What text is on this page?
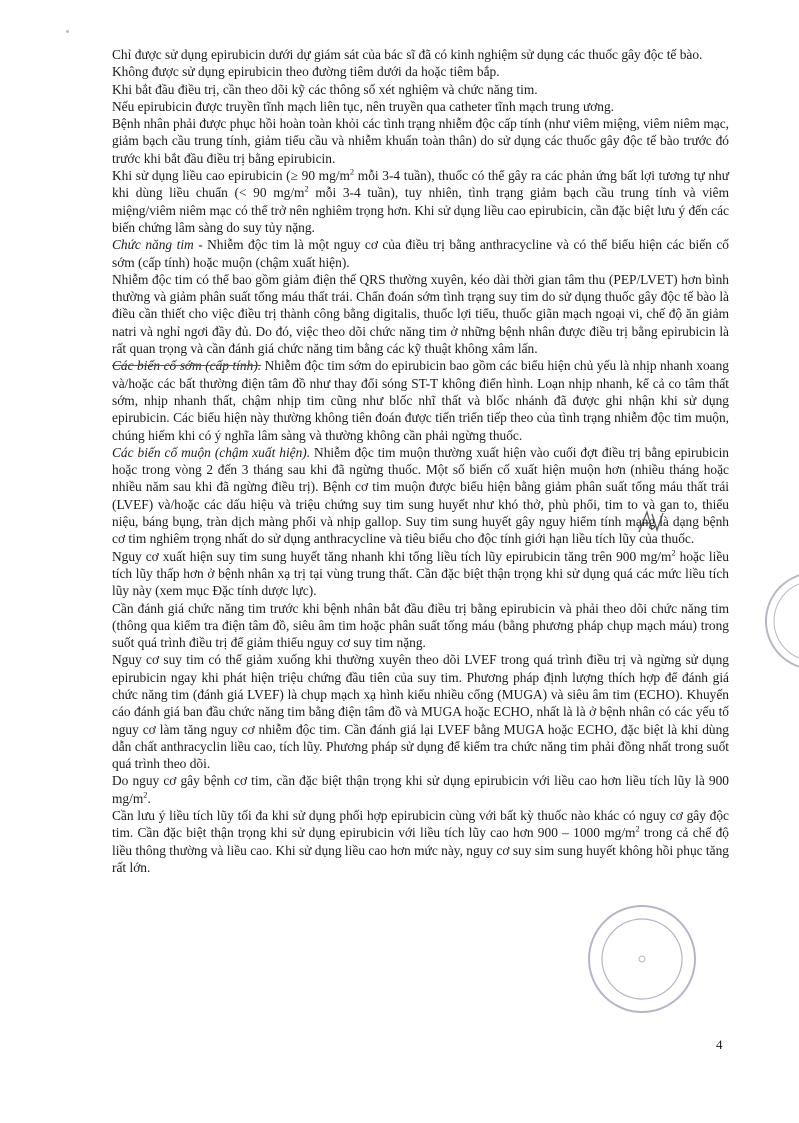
Chỉ được sử dụng epirubicin dưới dự giám sát của bác sĩ đã có kinh nghiệm sử dụng các thuốc gây độc tế bào.

Không được sử dụng epirubicin theo đường tiêm dưới da hoặc tiêm bắp.

Khi bắt đầu điều trị, cần theo dõi kỹ các thông số xét nghiệm và chức năng tim.

Nếu epirubicin được truyền tĩnh mạch liên tục, nên truyền qua catheter tĩnh mạch trung ương.

Bệnh nhân phải được phục hồi hoàn toàn khỏi các tình trạng nhiễm độc cấp tính (như viêm miệng, viêm niêm mạc, giảm bạch cầu trung tính, giảm tiểu cầu và nhiễm khuẩn toàn thân) do sử dụng các thuốc gây độc tế bào trước đó trước khi bắt đầu điều trị bằng epirubicin.

Khi sử dụng liều cao epirubicin (≥ 90 $mg/m^2$ mỗi 3-4 tuần), thuốc có thể gây ra các phản ứng bất lợi tương tự như khi dùng liều chuẩn (< 90 $mg/m^2$ mỗi 3-4 tuần), tuy nhiên, tình trạng giảm bạch cầu trung tính và viêm miệng/viêm niêm mạc có thể trở nên nghiêm trọng hơn. Khi sử dụng liều cao epirubicin, cần đặc biệt lưu ý đến các biến chứng lâm sàng do suy tủy nặng.

Chức năng tim - Nhiễm độc tim là một nguy cơ của điều trị bằng anthracycline và có thể biểu hiện các biến cố sớm (cấp tính) hoặc muộn (chậm xuất hiện).

Nhiễm độc tim có thể bao gồm giảm điện thế QRS thường xuyên, kéo dài thời gian tâm thu (PEP/LVET) hơn bình thường và giảm phân suất tống máu thất trái. Chẩn đoán sớm tình trạng suy tim do sử dụng thuốc gây độc tế bào là điều cần thiết cho việc điều trị thành công bằng digitalis, thuốc lợi tiểu, thuốc giãn mạch ngoại vi, chế độ ăn giảm natri và nghỉ ngơi đầy đủ. Do đó, việc theo dõi chức năng tim ở những bệnh nhân được điều trị bằng epirubicin là rất quan trọng và cần đánh giá chức năng tim bằng các kỹ thuật không xâm lấn.

Các biến cố sớm (cấp tính). Nhiễm độc tim sớm do epirubicin bao gồm các biểu hiện chủ yếu là nhịp nhanh xoang và/hoặc các bất thường điện tâm đồ như thay đổi sóng ST-T không điển hình. Loạn nhịp nhanh, kể cả co tâm thất sớm, nhịp nhanh thất, chậm nhịp tim cũng như blốc nhĩ thất và blốc nhánh đã được ghi nhận khi sử dụng epirubicin. Các biểu hiện này thường không tiên đoán được tiến triển tiếp theo của tình trạng nhiễm độc tim muộn, chúng hiếm khi có ý nghĩa lâm sàng và thường không cần phải ngừng thuốc.

Các biến cố muộn (chậm xuất hiện). Nhiễm độc tim muộn thường xuất hiện vào cuối đợt điều trị bằng epirubicin hoặc trong vòng 2 đến 3 tháng sau khi đã ngừng thuốc. Một số biến cố xuất hiện muộn hơn (nhiều tháng hoặc nhiều năm sau khi đã ngừng điều trị). Bệnh cơ tim muộn được biểu hiện bằng giảm phân suất tống máu thất trái (LVEF) và/hoặc các dấu hiệu và triệu chứng suy tim sung huyết như khó thở, phù phổi, tim to và gan to, thiểu niệu, báng bụng, tràn dịch màng phổi và nhịp gallop. Suy tim sung huyết gây nguy hiểm tính mạng là dạng bệnh cơ tim nghiêm trọng nhất do sử dụng anthracycline và tiêu biểu cho độc tính giới hạn liều tích lũy của thuốc.

Nguy cơ xuất hiện suy tim sung huyết tăng nhanh khi tổng liều tích lũy epirubicin tăng trên 900 $mg/m^2$ hoặc liều tích lũy thấp hơn ở bệnh nhân xạ trị tại vùng trung thất. Cần đặc biệt thận trọng khi sử dụng quá các mức liều tích lũy này (xem mục Đặc tính dược lực).

Cần đánh giá chức năng tim trước khi bệnh nhân bắt đầu điều trị bằng epirubicin và phải theo dõi chức năng tim (thông qua kiểm tra điện tâm đồ, siêu âm tim hoặc phân suất tống máu (bằng phương pháp chụp mạch máu) trong suốt quá trình điều trị để giảm thiểu nguy cơ suy tim nặng.

Nguy cơ suy tim có thể giảm xuống khi thường xuyên theo dõi LVEF trong quá trình điều trị và ngừng sử dụng epirubicin ngay khi phát hiện triệu chứng đầu tiên của suy tim. Phương pháp định lượng thích hợp để đánh giá chức năng tim (đánh giá LVEF) là chụp mạch xạ hình kiểu nhiều cổng (MUGA) và siêu âm tim (ECHO). Khuyến cáo đánh giá ban đầu chức năng tim bằng điện tâm đồ và MUGA hoặc ECHO, nhất là là ở bệnh nhân có các yếu tố nguy cơ làm tăng nguy cơ nhiễm độc tim. Cần đánh giá lại LVEF bằng MUGA hoặc ECHO, đặc biệt là khi dùng dẫn chất anthracyclin liều cao, tích lũy. Phương pháp sử dụng để kiểm tra chức năng tim phải đồng nhất trong suốt quá trình theo dõi.

Do nguy cơ gây bệnh cơ tim, cần đặc biệt thận trọng khi sử dụng epirubicin với liều cao hơn liều tích lũy là 900 $mg/m^2$.

Cần lưu ý liều tích lũy tối đa khi sử dụng phối hợp epirubicin cùng với bất kỳ thuốc nào khác có nguy cơ gây độc tim. Cần đặc biệt thận trọng khi sử dụng epirubicin với liều tích lũy cao hơn 900 – 1000 $mg/m^2$ trong cả chế độ liều thông thường và liều cao. Khi sử dụng liều cao hơn mức này, nguy cơ suy sim sung huyết không hồi phục tăng rất lớn.

4
